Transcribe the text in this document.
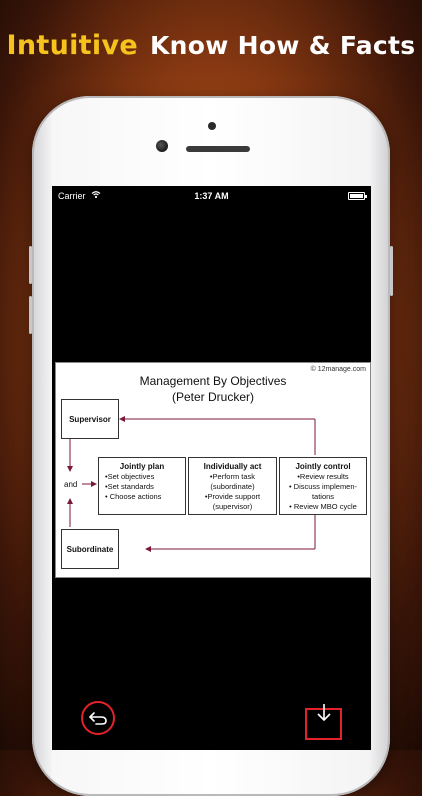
Intuitive Know How & Facts
Carrier	1:37 AM
© 12manage.com
Management By Objectives
(Peter Drucker)
Supervisor
Subordinate
and
Jointly plan
•Set objectives
•Set standards
• Choose actions
Individually act
•Perform task
(subordinate)
•Provide support
(supervisor)
Jointly control
•Review results
• Discuss implemen-
tations
• Review MBO cycle
